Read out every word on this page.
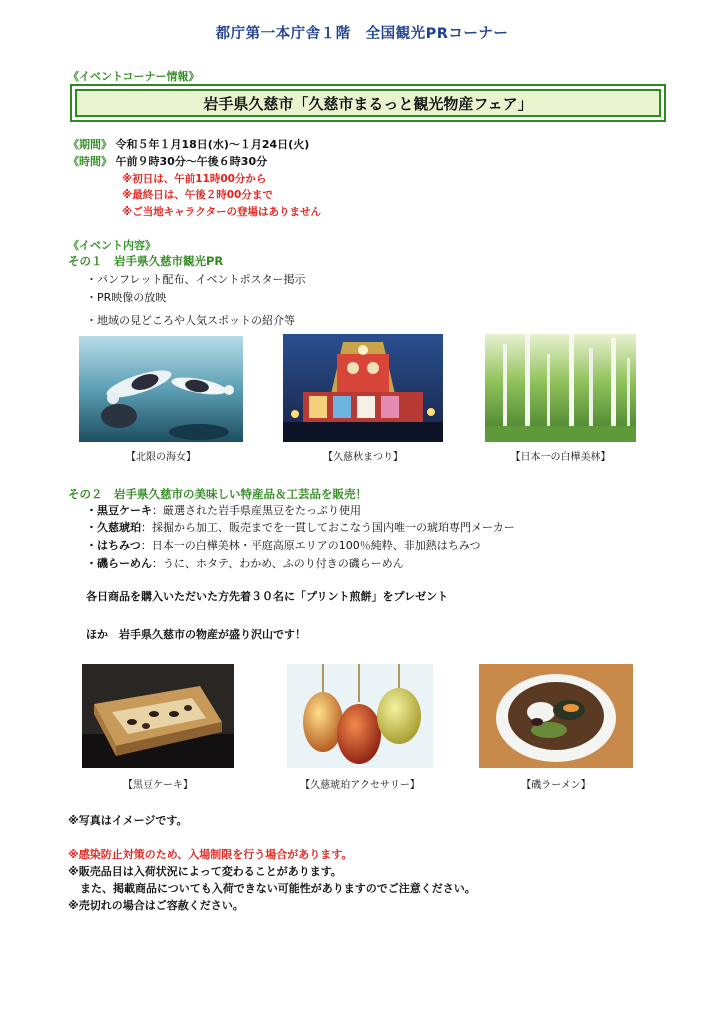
都庁第一本庁舎１階　全国観光PRコーナー
《イベントコーナー情報》
岩手県久慈市「久慈市まるっと観光物産フェア」
《期間》 令和５年１月18日(水)～１月24日(火)
《時間》 午前９時30分～午後６時30分
※初日は、午前11時00分から
※最終日は、午後２時00分まで
※ご当地キャラクターの登場はありません
《イベント内容》
その１　岩手県久慈市観光PR
・パンフレット配布、イベントポスター掲示
・PR映像の放映
・地域の見どころや人気スポットの紹介等
【北限の海女】	【久慈秋まつり】	【日本一の白樺美林】
その２　岩手県久慈市の美味しい特産品＆工芸品を販売！
・黒豆ケーキ：厳選された岩手県産黒豆をたっぷり使用
・久慈琥珀：採掘から加工、販売までを一貫しておこなう国内唯一の琥珀専門メーカー
・はちみつ：日本一の白樺美林・平庭高原エリアの100％純粋、非加熱はちみつ
・磯らーめん：うに、ホタテ、わかめ、ふのり付きの磯らーめん
各日商品を購入いただいた方先着３０名に「プリント煎餅」をプレゼント
ほか　岩手県久慈市の物産が盛り沢山です！
【黒豆ケーキ】	【久慈琥珀アクセサリー】	【磯ラーメン】
※写真はイメージです。
※感染防止対策のため、入場制限を行う場合があります。
※販売品目は入荷状況によって変わることがあります。
また、掲載商品についても入荷できない可能性がありますのでご注意ください。
※売切れの場合はご容赦ください。
